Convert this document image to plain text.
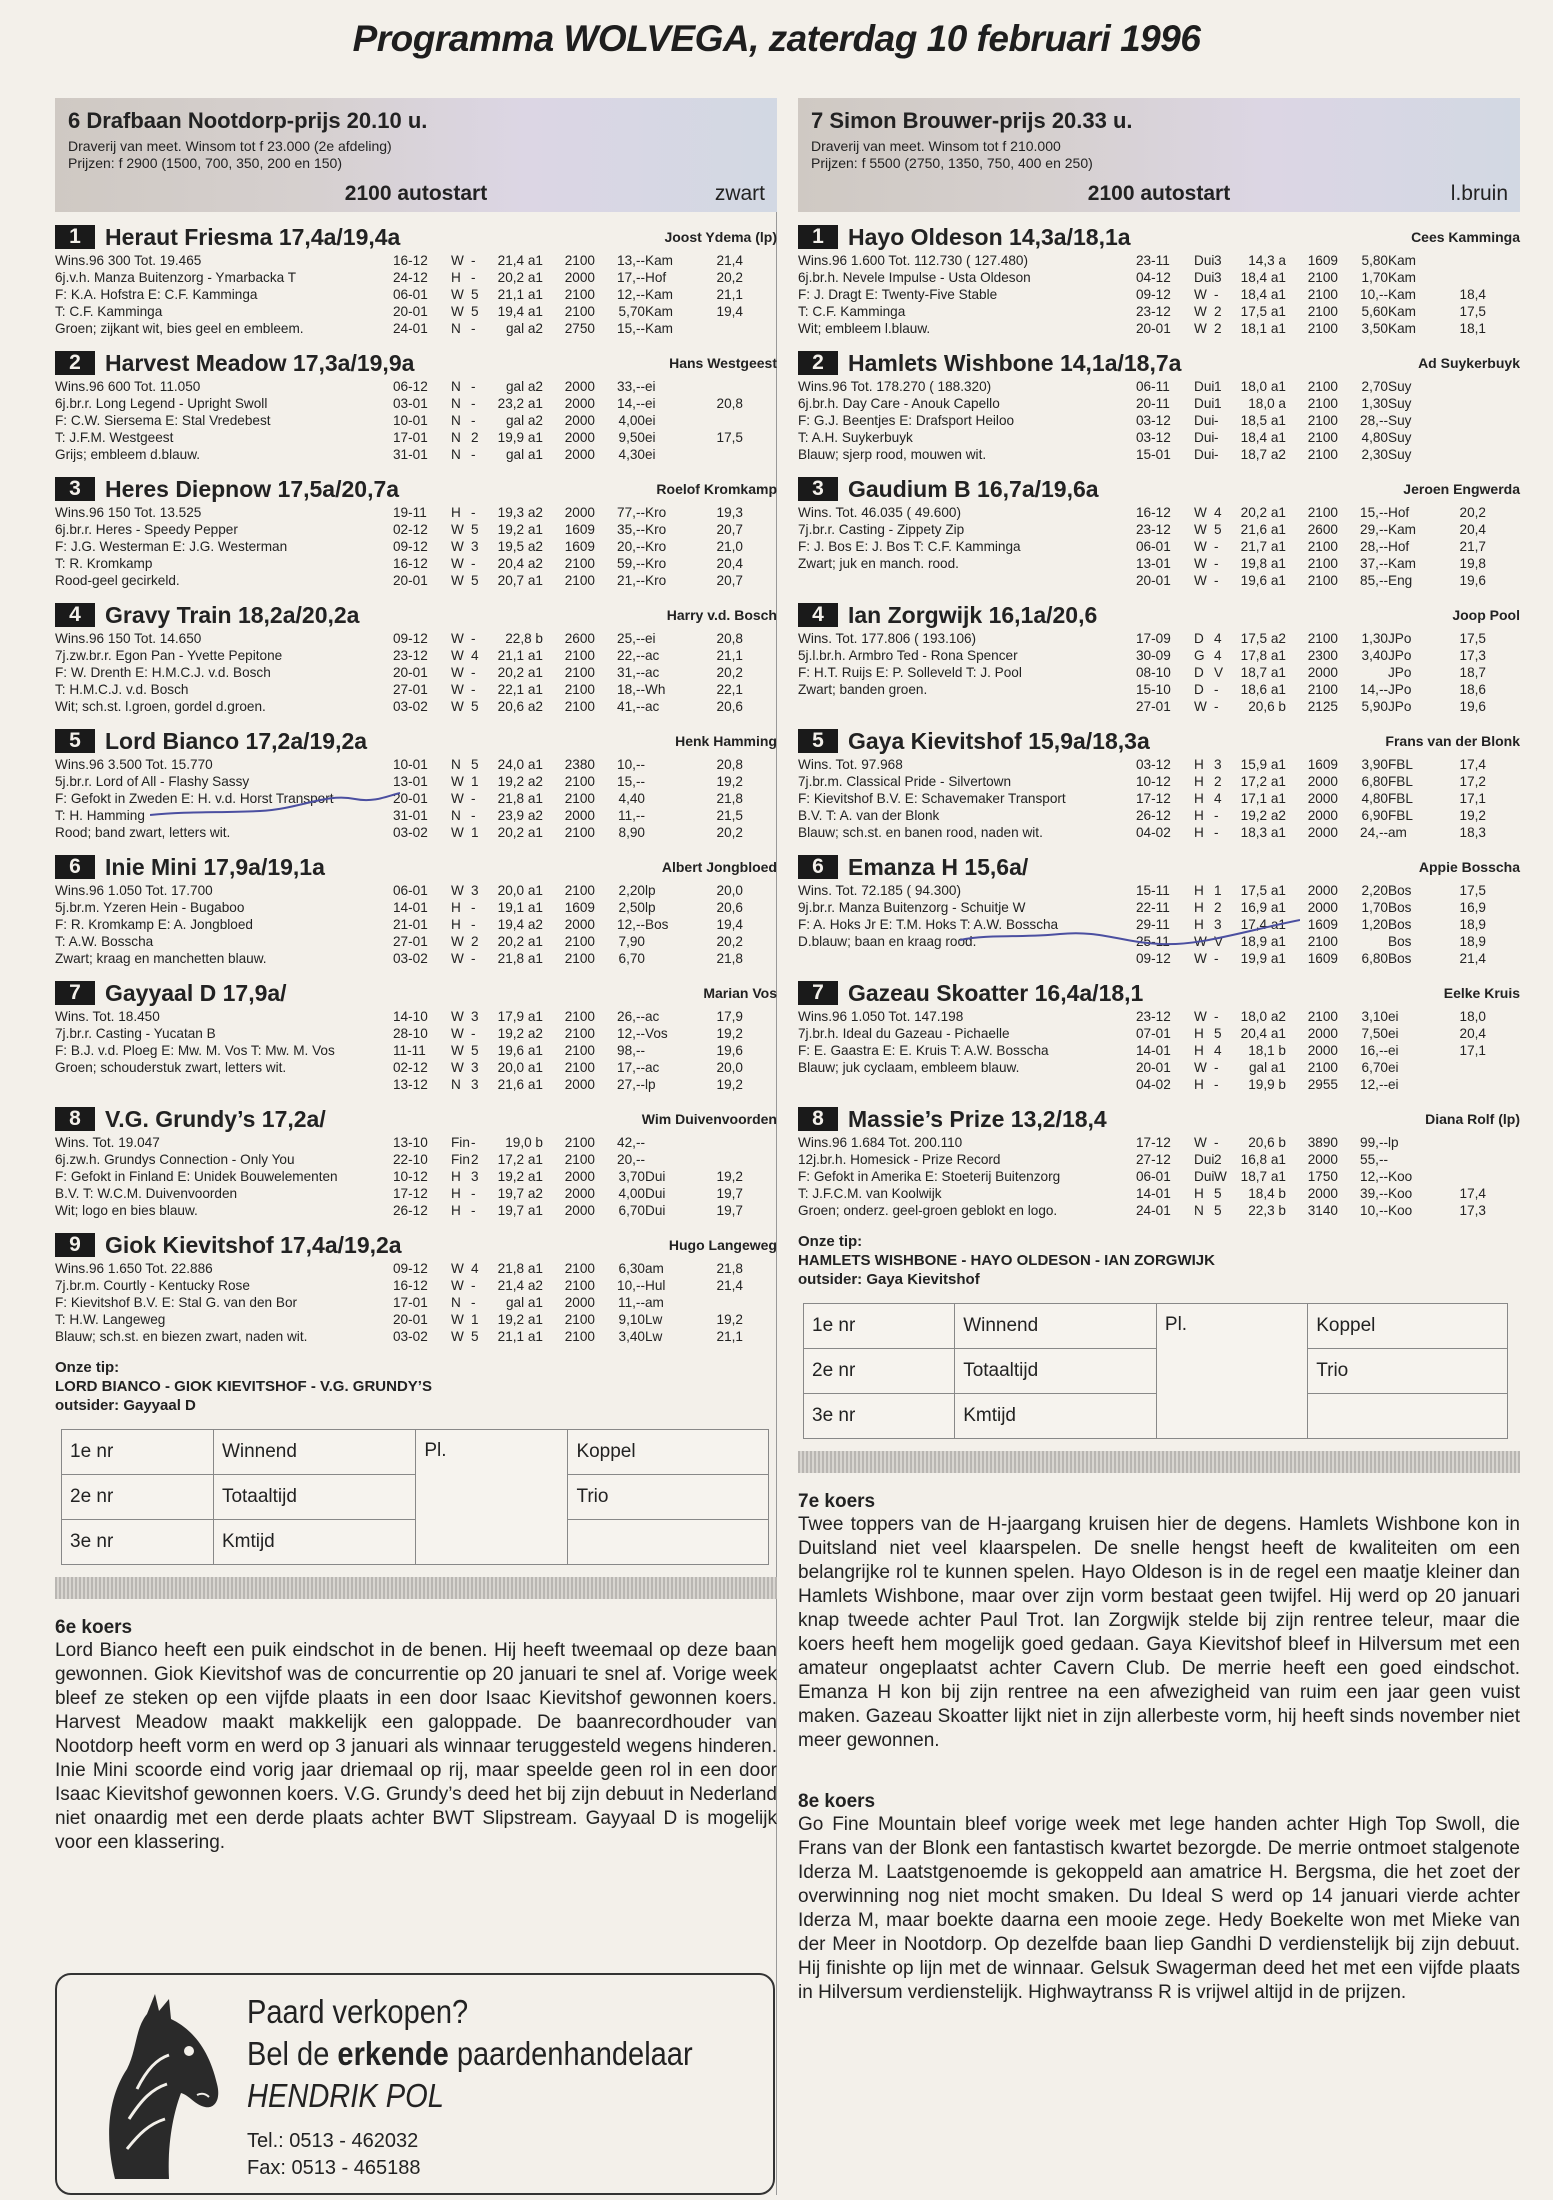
Programma WOLVEGA, zaterdag 10 februari 1996
6 Drafbaan Nootdorp-prijs 20.10 u.
Draverij van meet. Winsom tot f 23.000 (2e afdeling)
Prijzen: f 2900 (1500, 700, 350, 200 en 150)
2100 autostart	zwart
1	Heraut Friesma 17,4a/19,4a	Joost Ydema (lp)
Wins.96 300 Tot. 19.465
6j.v.h. Manza Buitenzorg - Ymarbacka T
F: K.A. Hofstra E: C.F. Kamminga
T: C.F. Kamminga
Groen; zijkant wit, bies geel en embleem.
16-12	W -	21,4 a1	2100	13,-- Kam	21,4
24-12	H -	20,2 a1	2000	17,-- Hof	20,2
06-01	W 5	21,1 a1	2100	12,-- Kam	21,1
20-01	W 5	19,4 a1	2100	5,70 Kam	19,4
24-01	N -	gal a2	2750	15,-- Kam
2	Harvest Meadow 17,3a/19,9a	Hans Westgeest
Wins.96 600 Tot. 11.050
6j.br.r. Long Legend - Upright Swoll
F: C.W. Siersema E: Stal Vredebest
T: J.F.M. Westgeest
Grijs; embleem d.blauw.
06-12	N -	gal a2	2000	33,-- ei
03-01	N -	23,2 a1	2000	14,-- ei	20,8
10-01	N -	gal a2	2000	4,00 ei
17-01	N 2	19,9 a1	2000	9,50 ei	17,5
31-01	N -	gal a1	2000	4,30 ei
3	Heres Diepnow 17,5a/20,7a	Roelof Kromkamp
Wins.96 150 Tot. 13.525
6j.br.r. Heres - Speedy Pepper
F: J.G. Westerman E: J.G. Westerman
T: R. Kromkamp
Rood-geel gecirkeld.
19-11	H -	19,3 a2	2000	77,-- Kro	19,3
02-12	W 5	19,2 a1	1609	35,-- Kro	20,7
09-12	W 3	19,5 a2	1609	20,-- Kro	21,0
16-12	W -	20,4 a2	2100	59,-- Kro	20,4
20-01	W 5	20,7 a1	2100	21,-- Kro	20,7
4	Gravy Train 18,2a/20,2a	Harry v.d. Bosch
Wins.96 150 Tot. 14.650
7j.zw.br.r. Egon Pan - Yvette Pepitone
F: W. Drenth E: H.M.C.J. v.d. Bosch
T: H.M.C.J. v.d. Bosch
Wit; sch.st. l.groen, gordel d.groen.
09-12	W -	22,8 b	2600	25,-- ei	20,8
23-12	W 4	21,1 a1	2100	22,-- ac	21,1
20-01	W -	20,2 a1	2100	31,-- ac	20,2
27-01	W -	22,1 a1	2100	18,-- Wh	22,1
03-02	W 5	20,6 a2	2100	41,-- ac	20,6
5	Lord Bianco 17,2a/19,2a	Henk Hamming
Wins.96 3.500 Tot. 15.770
5j.br.r. Lord of All - Flashy Sassy
F: Gefokt in Zweden E: H. v.d. Horst Transport
T: H. Hamming
Rood; band zwart, letters wit.
10-01	N 5	24,0 a1	2380	10,--	20,8
13-01	W 1	19,2 a2	2100	15,--	19,2
20-01	W -	21,8 a1	2100	4,40	21,8
31-01	N -	23,9 a2	2000	11,--	21,5
03-02	W 1	20,2 a1	2100	8,90	20,2
6	Inie Mini 17,9a/19,1a	Albert Jongbloed
Wins.96 1.050 Tot. 17.700
5j.br.m. Yzeren Hein - Bugaboo
F: R. Kromkamp E: A. Jongbloed
T: A.W. Bosscha
Zwart; kraag en manchetten blauw.
06-01	W 3	20,0 a1	2100	2,20 lp	20,0
14-01	H -	19,1 a1	1609	2,50 lp	20,6
21-01	H -	19,4 a2	2000	12,-- Bos	19,4
27-01	W 2	20,2 a1	2100	7,90	20,2
03-02	W -	21,8 a1	2100	6,70	21,8
7	Gayyaal D 17,9a/	Marian Vos
Wins. Tot. 18.450
7j.br.r. Casting - Yucatan B
F: B.J. v.d. Ploeg E: Mw. M. Vos T: Mw. M. Vos
Groen; schouderstuk zwart, letters wit.
14-10	W 3	17,9 a1	2100	26,-- ac	17,9
28-10	W -	19,2 a2	2100	12,-- Vos	19,2
11-11	W 5	19,6 a1	2100	98,--	19,6
02-12	W 3	20,0 a1	2100	17,-- ac	20,0
13-12	N 3	21,6 a1	2000	27,-- lp	19,2
8	V.G. Grundy’s 17,2a/	Wim Duivenvoorden
Wins. Tot. 19.047
6j.zw.h. Grundys Connection - Only You
F: Gefokt in Finland E: Unidek Bouwelementen
B.V. T: W.C.M. Duivenvoorden
Wit; logo en bies blauw.
13-10	Fin -	19,0 b	2100	42,--
22-10	Fin 2	17,2 a1	2100	20,--
10-12	H 3	19,2 a1	2000	3,70 Dui	19,2
17-12	H -	19,7 a2	2000	4,00 Dui	19,7
26-12	H -	19,7 a1	2000	6,70 Dui	19,7
9	Giok Kievitshof 17,4a/19,2a	Hugo Langeweg
Wins.96 1.650 Tot. 22.886
7j.br.m. Courtly - Kentucky Rose
F: Kievitshof B.V. E: Stal G. van den Bor
T: H.W. Langeweg
Blauw; sch.st. en biezen zwart, naden wit.
09-12	W 4	21,8 a1	2100	6,30 am	21,8
16-12	W -	21,4 a2	2100	10,-- Hul	21,4
17-01	N -	gal a1	2000	11,-- am
20-01	W 1	19,2 a1	2100	9,10 Lw	19,2
03-02	W 5	21,1 a1	2100	3,40 Lw	21,1
Onze tip:
LORD BIANCO - GIOK KIEVITSHOF - V.G. GRUNDY’S
outsider: Gayyaal D
1e nr	Winnend	Pl.	Koppel
2e nr	Totaaltijd		Trio
3e nr	Kmtijd		
6e koers
Lord Bianco heeft een puik eindschot in de benen. Hij heeft tweemaal op deze baan gewonnen. Giok Kievitshof was de concurrentie op 20 januari te snel af. Vorige week bleef ze steken op een vijfde plaats in een door Isaac Kievitshof gewonnen koers. Harvest Meadow maakt makkelijk een galoppade. De baanrecordhouder van Nootdorp heeft vorm en werd op 3 januari als winnaar teruggesteld wegens hinderen. Inie Mini scoorde eind vorig jaar driemaal op rij, maar speelde geen rol in een door Isaac Kievitshof gewonnen koers. V.G. Grundy’s deed het bij zijn debuut in Nederland niet onaardig met een derde plaats achter BWT Slipstream. Gayyaal D is mogelijk voor een klassering.
7 Simon Brouwer-prijs 20.33 u.
Draverij van meet. Winsom tot f 210.000
Prijzen: f 5500 (2750, 1350, 750, 400 en 250)
2100 autostart	l.bruin
1	Hayo Oldeson 14,3a/18,1a	Cees Kamminga
Wins.96 1.600 Tot. 112.730 ( 127.480)
6j.br.h. Nevele Impulse - Usta Oldeson
F: J. Dragt E: Twenty-Five Stable
T: C.F. Kamminga
Wit; embleem l.blauw.
23-11	Dui 3	14,3 a	1609	5,80 Kam
04-12	Dui 3	18,4 a1	2100	1,70 Kam
09-12	W -	18,4 a1	2100	10,-- Kam	18,4
23-12	W 2	17,5 a1	2100	5,60 Kam	17,5
20-01	W 2	18,1 a1	2100	3,50 Kam	18,1
2	Hamlets Wishbone 14,1a/18,7a	Ad Suykerbuyk
Wins.96 Tot. 178.270 ( 188.320)
6j.br.h. Day Care - Anouk Capello
F: G.J. Beentjes E: Drafsport Heiloo
T: A.H. Suykerbuyk
Blauw; sjerp rood, mouwen wit.
06-11	Dui 1	18,0 a1	2100	2,70 Suy
20-11	Dui 1	18,0 a	2100	1,30 Suy
03-12	Dui -	18,5 a1	2100	28,-- Suy
03-12	Dui -	18,4 a1	2100	4,80 Suy
15-01	Dui -	18,7 a2	2100	2,30 Suy
3	Gaudium B 16,7a/19,6a	Jeroen Engwerda
Wins. Tot. 46.035 ( 49.600)
7j.br.r. Casting - Zippety Zip
F: J. Bos E: J. Bos T: C.F. Kamminga
Zwart; juk en manch. rood.
16-12	W 4	20,2 a1	2100	15,-- Hof	20,2
23-12	W 5	21,6 a1	2600	29,-- Kam	20,4
06-01	W -	21,7 a1	2100	28,-- Hof	21,7
13-01	W -	19,8 a1	2100	37,-- Kam	19,8
20-01	W -	19,6 a1	2100	85,-- Eng	19,6
4	Ian Zorgwijk 16,1a/20,6	Joop Pool
Wins. Tot. 177.806 ( 193.106)
5j.l.br.h. Armbro Ted - Rona Spencer
F: H.T. Ruijs E: P. Solleveld T: J. Pool
Zwart; banden groen.
17-09	D 4	17,5 a2	2100	1,30 JPo	17,5
30-09	G 4	17,8 a1	2300	3,40 JPo	17,3
08-10	D V	18,7 a1	2000	JPo	18,7
15-10	D -	18,6 a1	2100	14,-- JPo	18,6
27-01	W -	20,6 b	2125	5,90 JPo	19,6
5	Gaya Kievitshof 15,9a/18,3a	Frans van der Blonk
Wins. Tot. 97.968
7j.br.m. Classical Pride - Silvertown
F: Kievitshof B.V. E: Schavemaker Transport
B.V. T: A. van der Blonk
Blauw; sch.st. en banen rood, naden wit.
03-12	H 3	15,9 a1	1609	3,90 FBL	17,4
10-12	H 2	17,2 a1	2000	6,80 FBL	17,2
17-12	H 4	17,1 a1	2000	4,80 FBL	17,1
26-12	H -	19,2 a2	2000	6,90 FBL	19,2
04-02	H -	18,3 a1	2000	24,-- am	18,3
6	Emanza H 15,6a/	Appie Bosscha
Wins. Tot. 72.185 ( 94.300)
9j.br.r. Manza Buitenzorg - Schuitje W
F: A. Hoks Jr E: T.M. Hoks T: A.W. Bosscha
D.blauw; baan en kraag rood.
15-11	H 1	17,5 a1	2000	2,20 Bos	17,5
22-11	H 2	16,9 a1	2000	1,70 Bos	16,9
29-11	H 3	17,4 a1	1609	1,20 Bos	18,9
25-11	W V	18,9 a1	2100	Bos	18,9
09-12	W -	19,9 a1	1609	6,80 Bos	21,4
7	Gazeau Skoatter 16,4a/18,1	Eelke Kruis
Wins.96 1.050 Tot. 147.198
7j.br.h. Ideal du Gazeau - Pichaelle
F: E. Gaastra E: E. Kruis T: A.W. Bosscha
Blauw; juk cyclaam, embleem blauw.
23-12	W -	18,0 a2	2100	3,10 ei	18,0
07-01	H 5	20,4 a1	2000	7,50 ei	20,4
14-01	H 4	18,1 b	2000	16,-- ei	17,1
20-01	W -	gal a1	2100	6,70 ei
04-02	H -	19,9 b	2955	12,-- ei
8	Massie’s Prize 13,2/18,4	Diana Rolf (lp)
Wins.96 1.684 Tot. 200.110
12j.br.h. Homesick - Prize Record
F: Gefokt in Amerika E: Stoeterij Buitenzorg
T: J.F.C.M. van Koolwijk
Groen; onderz. geel-groen geblokt en logo.
17-12	W -	20,6 b	3890	99,-- lp
27-12	Dui 2	16,8 a1	2000	55,--
06-01	Dui W	18,7 a1	1750	12,-- Koo
14-01	H 5	18,4 b	2000	39,-- Koo	17,4
24-01	N 5	22,3 b	3140	10,-- Koo	17,3
Onze tip:
HAMLETS WISHBONE - HAYO OLDESON - IAN ZORGWIJK
outsider: Gaya Kievitshof
1e nr	Winnend	Pl.	Koppel
2e nr	Totaaltijd		Trio
3e nr	Kmtijd		
7e koers
Twee toppers van de H-jaargang kruisen hier de degens. Hamlets Wishbone kon in Duitsland niet veel klaarspelen. De snelle hengst heeft de kwaliteiten om een belangrijke rol te kunnen spelen. Hayo Oldeson is in de regel een maatje kleiner dan Hamlets Wishbone, maar over zijn vorm bestaat geen twijfel. Hij werd op 20 januari knap tweede achter Paul Trot. Ian Zorgwijk stelde bij zijn rentree teleur, maar die koers heeft hem mogelijk goed gedaan. Gaya Kievitshof bleef in Hilversum met een amateur ongeplaatst achter Cavern Club. De merrie heeft een goed eindschot. Emanza H kon bij zijn rentree na een afwezigheid van ruim een jaar geen vuist maken. Gazeau Skoatter lijkt niet in zijn allerbeste vorm, hij heeft sinds november niet meer gewonnen.
8e koers
Go Fine Mountain bleef vorige week met lege handen achter High Top Swoll, die Frans van der Blonk een fantastisch kwartet bezorgde. De merrie ontmoet stalgenote Iderza M. Laatstgenoemde is gekoppeld aan amatrice H. Bergsma, die het zoet der overwinning nog niet mocht smaken. Du Ideal S werd op 14 januari vierde achter Iderza M, maar boekte daarna een mooie zege. Hedy Boekelte won met Mieke van der Meer in Nootdorp. Op dezelfde baan liep Gandhi D verdienstelijk bij zijn debuut. Hij finishte op lijn met de winnaar. Gelsuk Swagerman deed het met een vijfde plaats in Hilversum verdienstelijk. Highwaytranss R is vrijwel altijd in de prijzen.
Paard verkopen?
Bel de erkende paardenhandelaar
HENDRIK POL
Tel.: 0513 - 462032
Fax: 0513 - 465188
